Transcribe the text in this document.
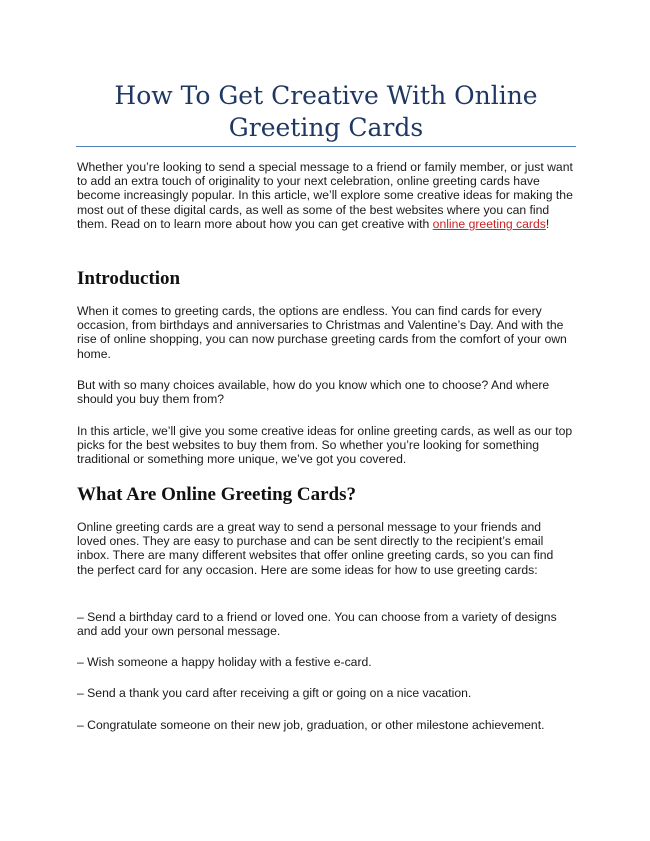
How To Get Creative With Online
Greeting Cards

Whether you’re looking to send a special message to a friend or family member, or just want to add an extra touch of originality to your next celebration, online greeting cards have become increasingly popular. In this article, we’ll explore some creative ideas for making the most out of these digital cards, as well as some of the best websites where you can find them. Read on to learn more about how you can get creative with online greeting cards!

Introduction

When it comes to greeting cards, the options are endless. You can find cards for every occasion, from birthdays and anniversaries to Christmas and Valentine’s Day. And with the rise of online shopping, you can now purchase greeting cards from the comfort of your own home.

But with so many choices available, how do you know which one to choose? And where should you buy them from?

In this article, we’ll give you some creative ideas for online greeting cards, as well as our top picks for the best websites to buy them from. So whether you’re looking for something traditional or something more unique, we’ve got you covered.

What Are Online Greeting Cards?

Online greeting cards are a great way to send a personal message to your friends and loved ones. They are easy to purchase and can be sent directly to the recipient’s email inbox. There are many different websites that offer online greeting cards, so you can find the perfect card for any occasion. Here are some ideas for how to use greeting cards:

– Send a birthday card to a friend or loved one. You can choose from a variety of designs and add your own personal message.

– Wish someone a happy holiday with a festive e-card.

– Send a thank you card after receiving a gift or going on a nice vacation.

– Congratulate someone on their new job, graduation, or other milestone achievement.
